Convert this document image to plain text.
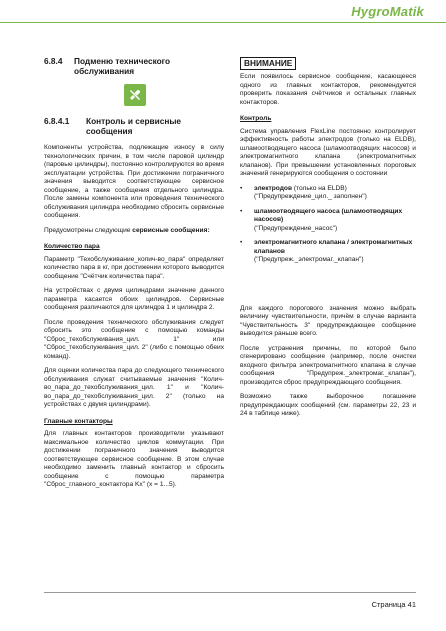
HygroMatik
6.8.4	Подменю технического обслуживания
6.8.4.1	Контроль и сервисные сообщения

Компоненты устройства, подлежащие износу в силу технологических причин, в том числе паровой цилиндр (паровые цилиндры), постоянно контролируются во время эксплуатации устройства. При достижении пограничного значения выводится соответствующее сервисное сообщение, а также сообщения отдельного цилиндра. После замены компонента или проведения технического обслуживания цилиндра необходимо сбросить сервисные сообщения.

Предусмотрены следующие сервисные сообщения:

Количество пара

Параметр "Техобслуживание_копич-во_пара" определяет количество пара в кг, при достижении которого выводится сообщение "Счётчик количества пара".

На устройствах с двумя цилиндрами значение данного параметра касается обоих цилиндров. Сервисные сообщения различаются для цилиндра 1 и цилиндра 2.

После проведения технического обслуживания следует сбросить это сообщение с помощью команды "Сброс_техобслуживания_цил. 1" или "Сброс_техобслуживания_цил. 2" (либо с помощью обеих команд).

Для оценки количества пара до следующего технического обслуживания служат считываемые значения "Колич-во_пара_до_техобслуживания_цил. 1" и "Колич-во_пара_до_техобслуживания_цил. 2" (только на устройствах с двумя цилиндрами).

Главные контакторы

Для главных контакторов производители указывают максимальное количество циклов коммутации. При достижении пограничного значения выводится соответствующее сервисное сообщение. В этом случае необходимо заменить главный контактор и сбросить сообщение с помощью параметра "Сброс_главного_контактора Kx" (x = 1...5).

ВНИМАНИЕ

Если появилось сервисное сообщение, касающееся одного из главных контакторов, рекомендуется проверить показания счётчиков и остальных главных контакторов.

Контроль

Система управления FlexLine постоянно контролирует эффективность работы электродов (только на ELDB), шламоотводящего насоса (шламоотводящих насосов) и электромагнитного клапана (электромагнитных клапанов). При превышении установленных пороговых значений генерируются сообщения о состоянии

•	электродов (только на ELDB)
("Предупреждение_цил._ заполнен")
•	шламоотводящего насоса (шламоотводящих насосов)
("Предупреждение_насос")
•	электромагнитного клапана / электромагнитных клапанов
("Предупреж._электромаг._клапан")

Для каждого порогового значения можно выбрать величину чувствительности, причём в случае варианта "Чувствительность 3" предупреждающее сообщение выводится раньше всего.

После устранения причины, по которой было сгенерировано сообщение (например, после очистки входного фильтра электромагнитного клапана в случае сообщения "Предупреж._электромаг._клапан"), производится сброс предупреждающего сообщения.

Возможно также выборочное погашение предупреждающих сообщений (см. параметры 22, 23 и 24 в таблице ниже).

Страница 41
